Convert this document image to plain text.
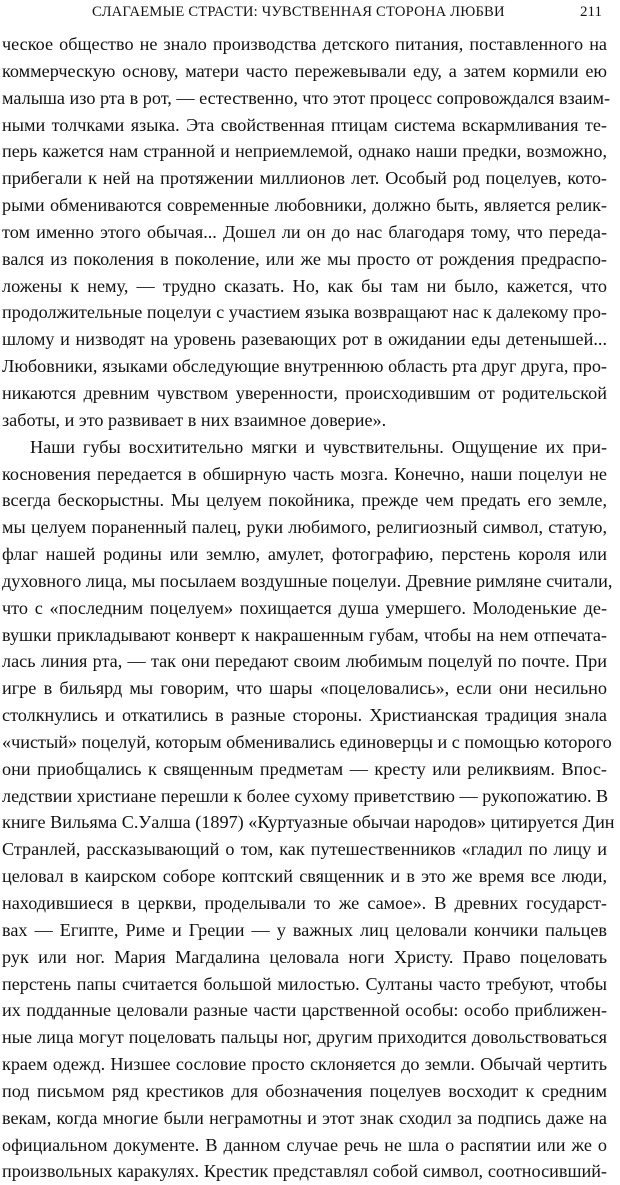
СЛАГАЕМЫЕ СТРАСТИ: ЧУВСТВЕННАЯ СТОРОНА ЛЮБВИ	211
ческое общество не знало производства детского питания, поставленного на
коммерческую основу, матери часто пережевывали еду, а затем кормили ею
малыша изо рта в рот, — естественно, что этот процесс сопровождался взаим-
ными толчками языка. Эта свойственная птицам система вскармливания те-
перь кажется нам странной и неприемлемой, однако наши предки, возможно,
прибегали к ней на протяжении миллионов лет. Особый род поцелуев, кото-
рыми обмениваются современные любовники, должно быть, является релик-
том именно этого обычая... Дошел ли он до нас благодаря тому, что переда-
вался из поколения в поколение, или же мы просто от рождения предраспо-
ложены к нему, — трудно сказать. Но, как бы там ни было, кажется, что
продолжительные поцелуи с участием языка возвращают нас к далекому про-
шлому и низводят на уровень разевающих рот в ожидании еды детенышей...
Любовники, языками обследующие внутреннюю область рта друг друга, про-
никаются древним чувством уверенности, происходившим от родительской
заботы, и это развивает в них взаимное доверие».
Наши губы восхитительно мягки и чувствительны. Ощущение их при-
косновения передается в обширную часть мозга. Конечно, наши поцелуи не
всегда бескорыстны. Мы целуем покойника, прежде чем предать его земле,
мы целуем пораненный палец, руки любимого, религиозный символ, статую,
флаг нашей родины или землю, амулет, фотографию, перстень короля или
духовного лица, мы посылаем воздушные поцелуи. Древние римляне считали,
что с «последним поцелуем» похищается душа умершего. Молоденькие де-
вушки прикладывают конверт к накрашенным губам, чтобы на нем отпечата-
лась линия рта, — так они передают своим любимым поцелуй по почте. При
игре в бильярд мы говорим, что шары «поцеловались», если они несильно
столкнулись и откатились в разные стороны. Христианская традиция знала
«чистый» поцелуй, которым обменивались единоверцы и с помощью которого
они приобщались к священным предметам — кресту или реликвиям. Впос-
ледствии христиане перешли к более сухому приветствию — рукопожатию. В
книге Вильяма С.Уалша (1897) «Куртуазные обычаи народов» цитируется Дин
Странлей, рассказывающий о том, как путешественников «гладил по лицу и
целовал в каирском соборе коптский священник и в это же время все люди,
находившиеся в церкви, проделывали то же самое». В древних государст-
вах — Египте, Риме и Греции — у важных лиц целовали кончики пальцев
рук или ног. Мария Магдалина целовала ноги Христу. Право поцеловать
перстень папы считается большой милостью. Султаны часто требуют, чтобы
их подданные целовали разные части царственной особы: особо приближен-
ные лица могут поцеловать пальцы ног, другим приходится довольствоваться
краем одежд. Низшее сословие просто склоняется до земли. Обычай чертить
под письмом ряд крестиков для обозначения поцелуев восходит к средним
векам, когда многие были неграмотны и этот знак сходил за подпись даже на
официальном документе. В данном случае речь не шла о распятии или же о
произвольных каракулях. Крестик представлял собой символ, соотносивший-
